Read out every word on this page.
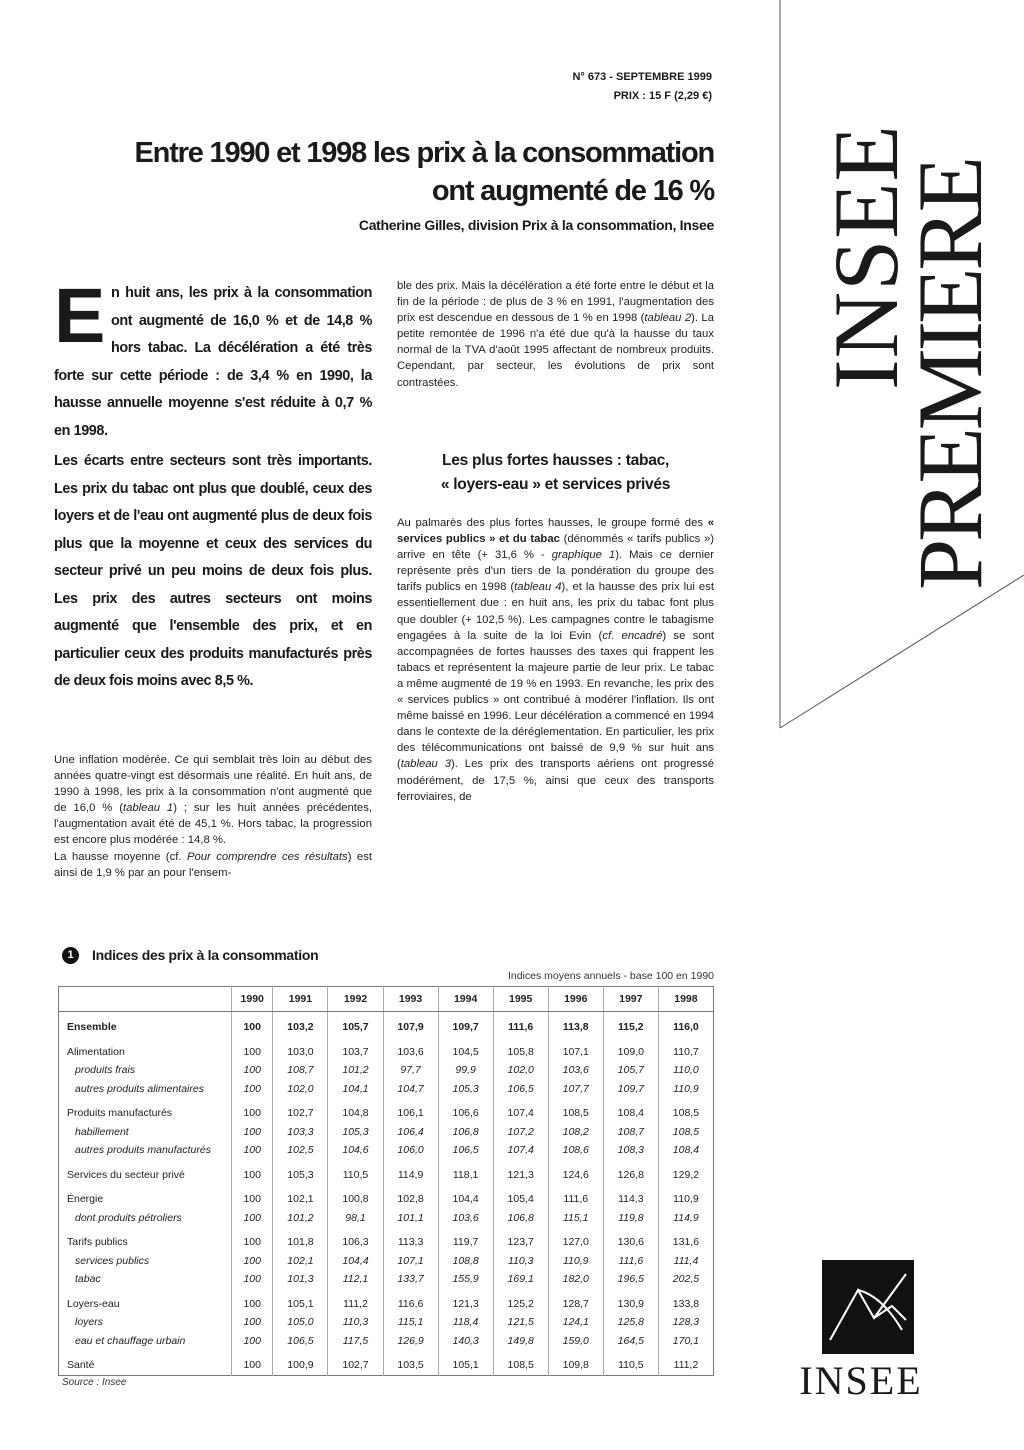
INSEE
PREMIERE
INSEE
N° 673 - SEPTEMBRE 1999
PRIX : 15 F (2,29 €)
Entre 1990 et 1998 les prix à la consommation
ont augmenté de 16 %
Catherine Gilles, division Prix à la consommation, Insee
En huit ans, les prix à la consommation ont augmenté de 16,0 % et de 14,8 % hors tabac. La décélération a été très forte sur cette période : de 3,4 % en 1990, la hausse annuelle moyenne s'est réduite à 0,7 % en 1998.
Les écarts entre secteurs sont très importants. Les prix du tabac ont plus que doublé, ceux des loyers et de l'eau ont augmenté plus de deux fois plus que la moyenne et ceux des services du secteur privé un peu moins de deux fois plus. Les prix des autres secteurs ont moins augmenté que l'ensemble des prix, et en particulier ceux des produits manufacturés près de deux fois moins avec 8,5 %.
Une inflation modérée. Ce qui semblait très loin au début des années quatre-vingt est désormais une réalité. En huit ans, de 1990 à 1998, les prix à la consommation n'ont augmenté que de 16,0 % (tableau 1) ; sur les huit années précédentes, l'augmentation avait été de 45,1 %. Hors tabac, la progression est encore plus modérée : 14,8 %.
La hausse moyenne (cf. Pour comprendre ces résultats) est ainsi de 1,9 % par an pour l'ensem-
ble des prix. Mais la décélération a été forte entre le début et la fin de la période : de plus de 3 % en 1991, l'augmentation des prix est descendue en dessous de 1 % en 1998 (tableau 2). La petite remontée de 1996 n'a été due qu'à la hausse du taux normal de la TVA d'août 1995 affectant de nombreux produits. Cependant, par secteur, les évolutions de prix sont contrastées.
Les plus fortes hausses : tabac,
« loyers-eau » et services privés
Au palmarès des plus fortes hausses, le groupe formé des « services publics » et du tabac (dénommés « tarifs publics ») arrive en tête (+ 31,6 % - graphique 1). Mais ce dernier représente près d'un tiers de la pondération du groupe des tarifs publics en 1998 (tableau 4), et la hausse des prix lui est essentiellement due : en huit ans, les prix du tabac font plus que doubler (+ 102,5 %). Les campagnes contre le tabagisme engagées à la suite de la loi Evin (cf. encadré) se sont accompagnées de fortes hausses des taxes qui frappent les tabacs et représentent la majeure partie de leur prix. Le tabac a même augmenté de 19 % en 1993. En revanche, les prix des « services publics » ont contribué à modérer l'inflation. Ils ont même baissé en 1996. Leur décélération a commencé en 1994 dans le contexte de la déréglementation. En particulier, les prix des télécommunications ont baissé de 9,9 % sur huit ans (tableau 3). Les prix des transports aériens ont progressé modérément, de 17,5 %, ainsi que ceux des transports ferroviaires, de
1	Indices des prix à la consommation
Indices moyens annuels - base 100 en 1990
	1990	1991	1992	1993	1994	1995	1996	1997	1998
Ensemble	100	103,2	105,7	107,9	109,7	111,6	113,8	115,2	116,0
Alimentation	100	103,0	103,7	103,6	104,5	105,8	107,1	109,0	110,7
produits frais	100	108,7	101,2	97,7	99,9	102,0	103,6	105,7	110,0
autres produits alimentaires	100	102,0	104,1	104,7	105,3	106,5	107,7	109,7	110,9
Produits manufacturés	100	102,7	104,8	106,1	106,6	107,4	108,5	108,4	108,5
habillement	100	103,3	105,3	106,4	106,8	107,2	108,2	108,7	108,5
autres produits manufacturés	100	102,5	104,6	106,0	106,5	107,4	108,6	108,3	108,4
Services du secteur privé	100	105,3	110,5	114,9	118,1	121,3	124,6	126,8	129,2
Énergie	100	102,1	100,8	102,8	104,4	105,4	111,6	114,3	110,9
dont produits pétroliers	100	101,2	98,1	101,1	103,6	106,8	115,1	119,8	114,9
Tarifs publics	100	101,8	106,3	113,3	119,7	123,7	127,0	130,6	131,6
services publics	100	102,1	104,4	107,1	108,8	110,3	110,9	111,6	111,4
tabac	100	101,3	112,1	133,7	155,9	169,1	182,0	196,5	202,5
Loyers-eau	100	105,1	111,2	116,6	121,3	125,2	128,7	130,9	133,8
loyers	100	105,0	110,3	115,1	118,4	121,5	124,1	125,8	128,3
eau et chauffage urbain	100	106,5	117,5	126,9	140,3	149,8	159,0	164,5	170,1
Santé	100	100,9	102,7	103,5	105,1	108,5	109,8	110,5	111,2
Source : Insee
